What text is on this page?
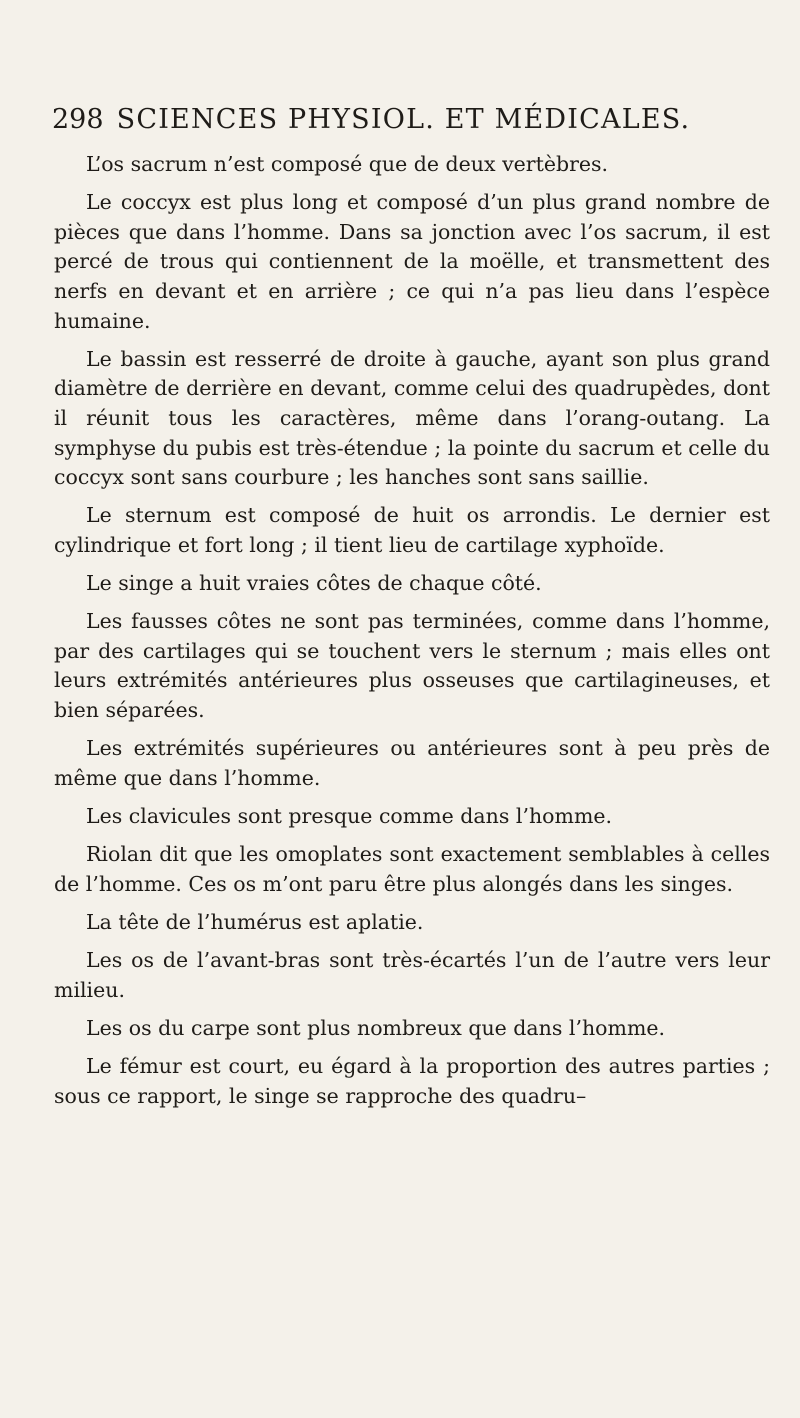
298 SCIENCES PHYSIOL. ET MÉDICALES.

L’os sacrum n’est composé que de deux vertèbres.

Le coccyx est plus long et composé d’un plus grand nombre de pièces que dans l’homme. Dans sa jonction avec l’os sacrum, il est percé de trous qui contiennent de la moëlle, et transmettent des nerfs en devant et en arrière ; ce qui n’a pas lieu dans l’espèce humaine.

Le bassin est resserré de droite à gauche, ayant son plus grand diamètre de derrière en devant, comme celui des quadrupèdes, dont il réunit tous les caractères, même dans l’orang-outang. La symphyse du pubis est très-étendue ; la pointe du sacrum et celle du coccyx sont sans courbure ; les hanches sont sans saillie.

Le sternum est composé de huit os arrondis. Le dernier est cylindrique et fort long ; il tient lieu de cartilage xyphoïde.

Le singe a huit vraies côtes de chaque côté.

Les fausses côtes ne sont pas terminées, comme dans l’homme, par des cartilages qui se touchent vers le sternum ; mais elles ont leurs extrémités antérieures plus osseuses que cartilagineuses, et bien séparées.

Les extrémités supérieures ou antérieures sont à peu près de même que dans l’homme.

Les clavicules sont presque comme dans l’homme.

Riolan dit que les omoplates sont exactement semblables à celles de l’homme. Ces os m’ont paru être plus alongés dans les singes.

La tête de l’humérus est aplatie.

Les os de l’avant-bras sont très-écartés l’un de l’autre vers leur milieu.

Les os du carpe sont plus nombreux que dans l’homme.

Le fémur est court, eu égard à la proportion des autres parties ; sous ce rapport, le singe se rapproche des quadru–
